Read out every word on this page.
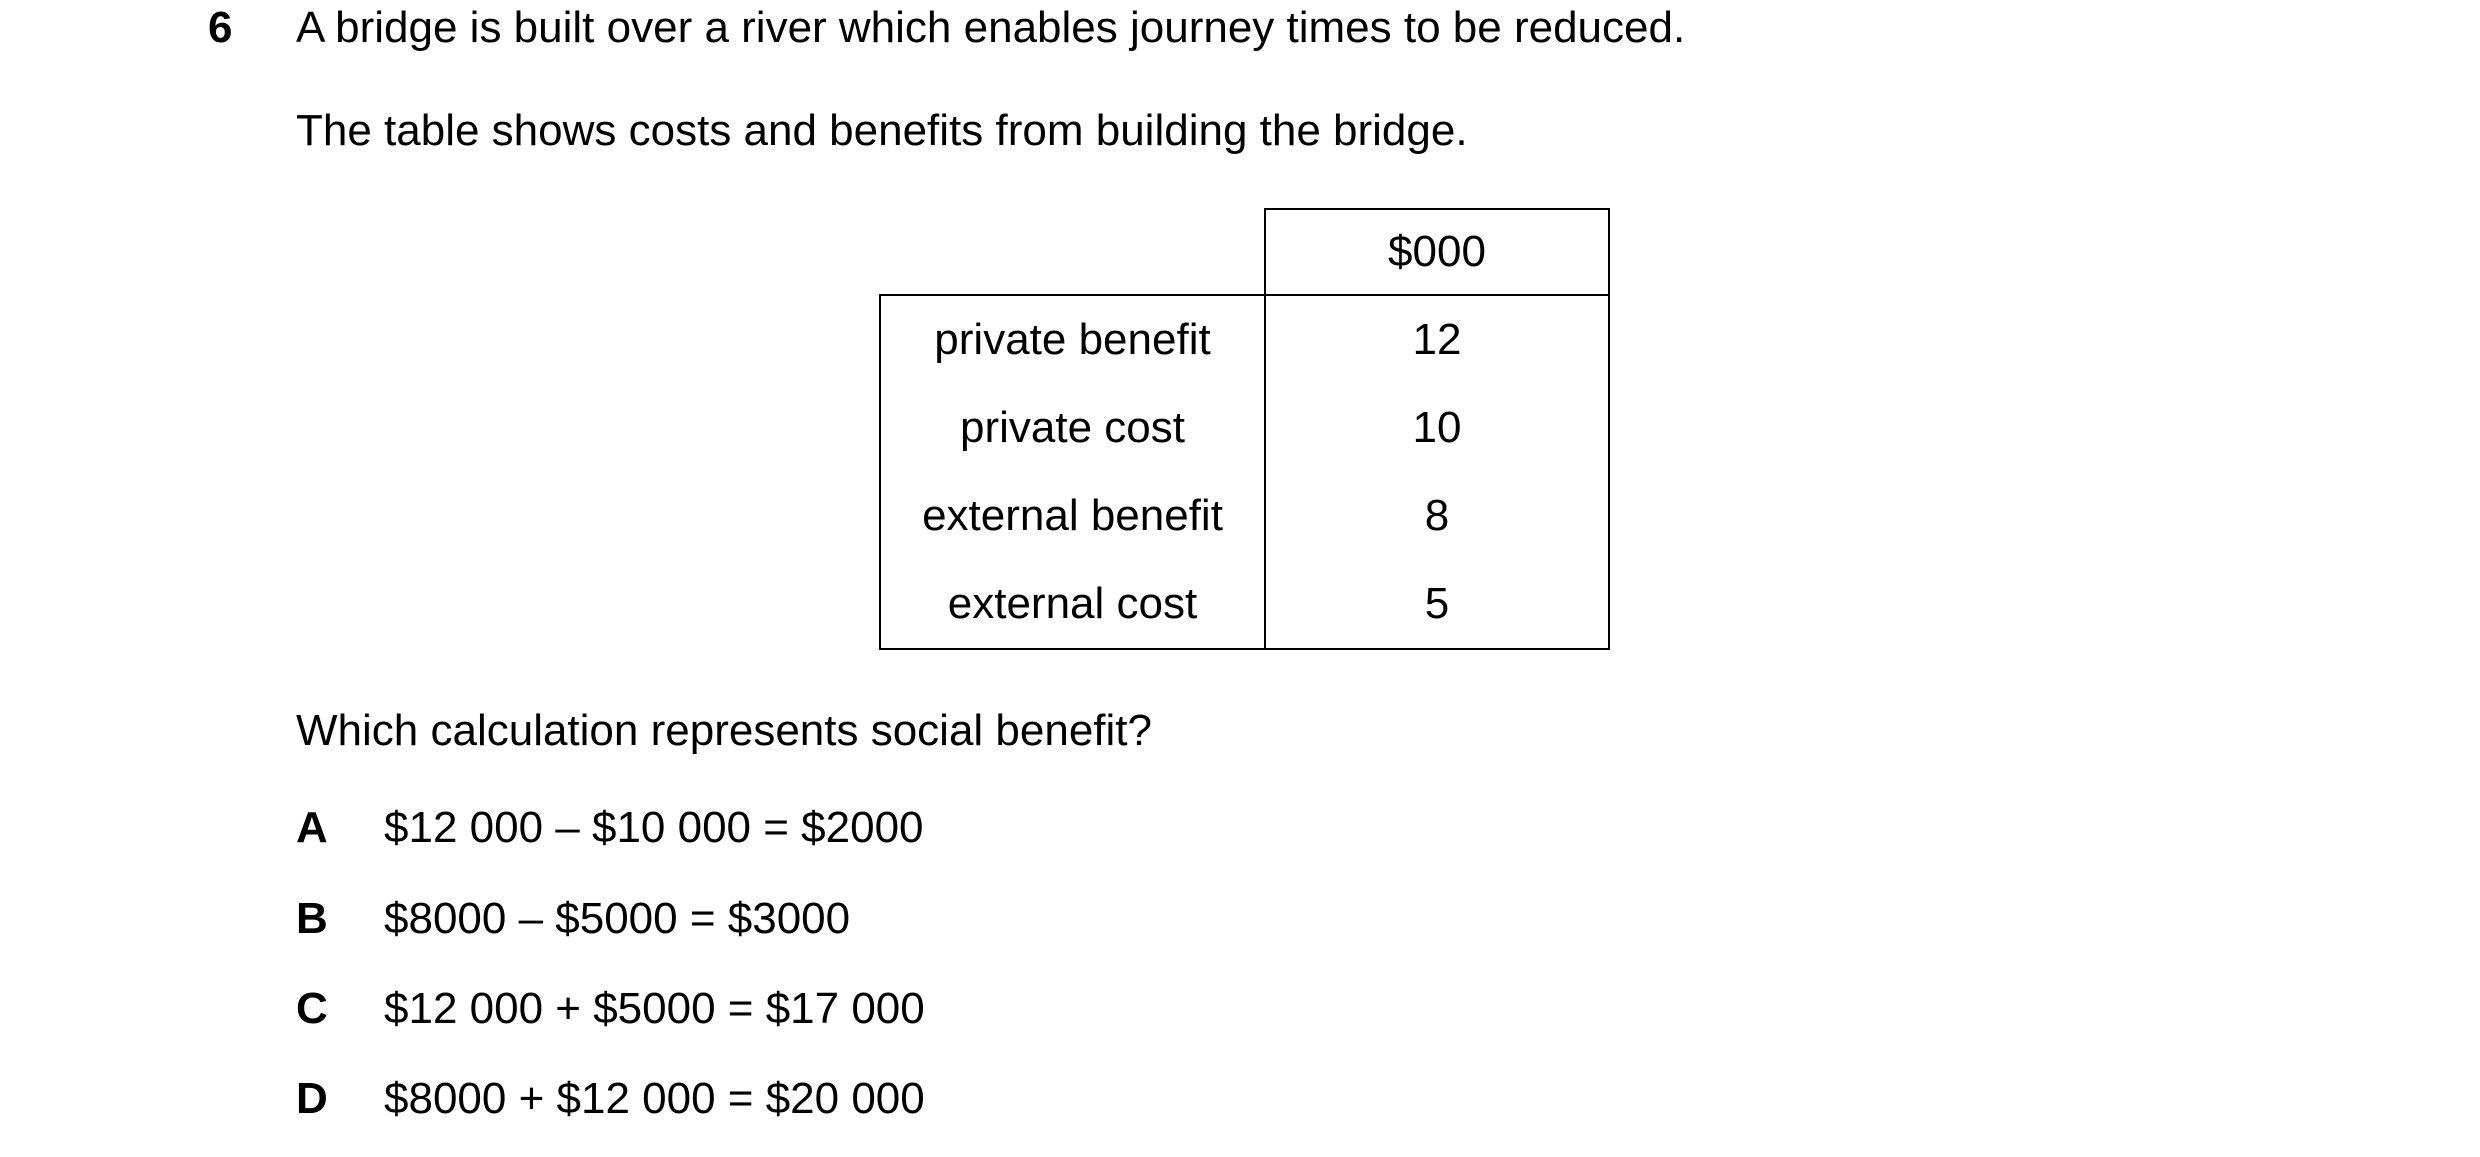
6 A bridge is built over a river which enables journey times to be reduced.
The table shows costs and benefits from building the bridge.
	$000
private benefit	12
private cost	10
external benefit	8
external cost	5
Which calculation represents social benefit?
A $12 000 – $10 000 = $2000
B $8000 – $5000 = $3000
C $12 000 + $5000 = $17 000
D $8000 + $12 000 = $20 000
